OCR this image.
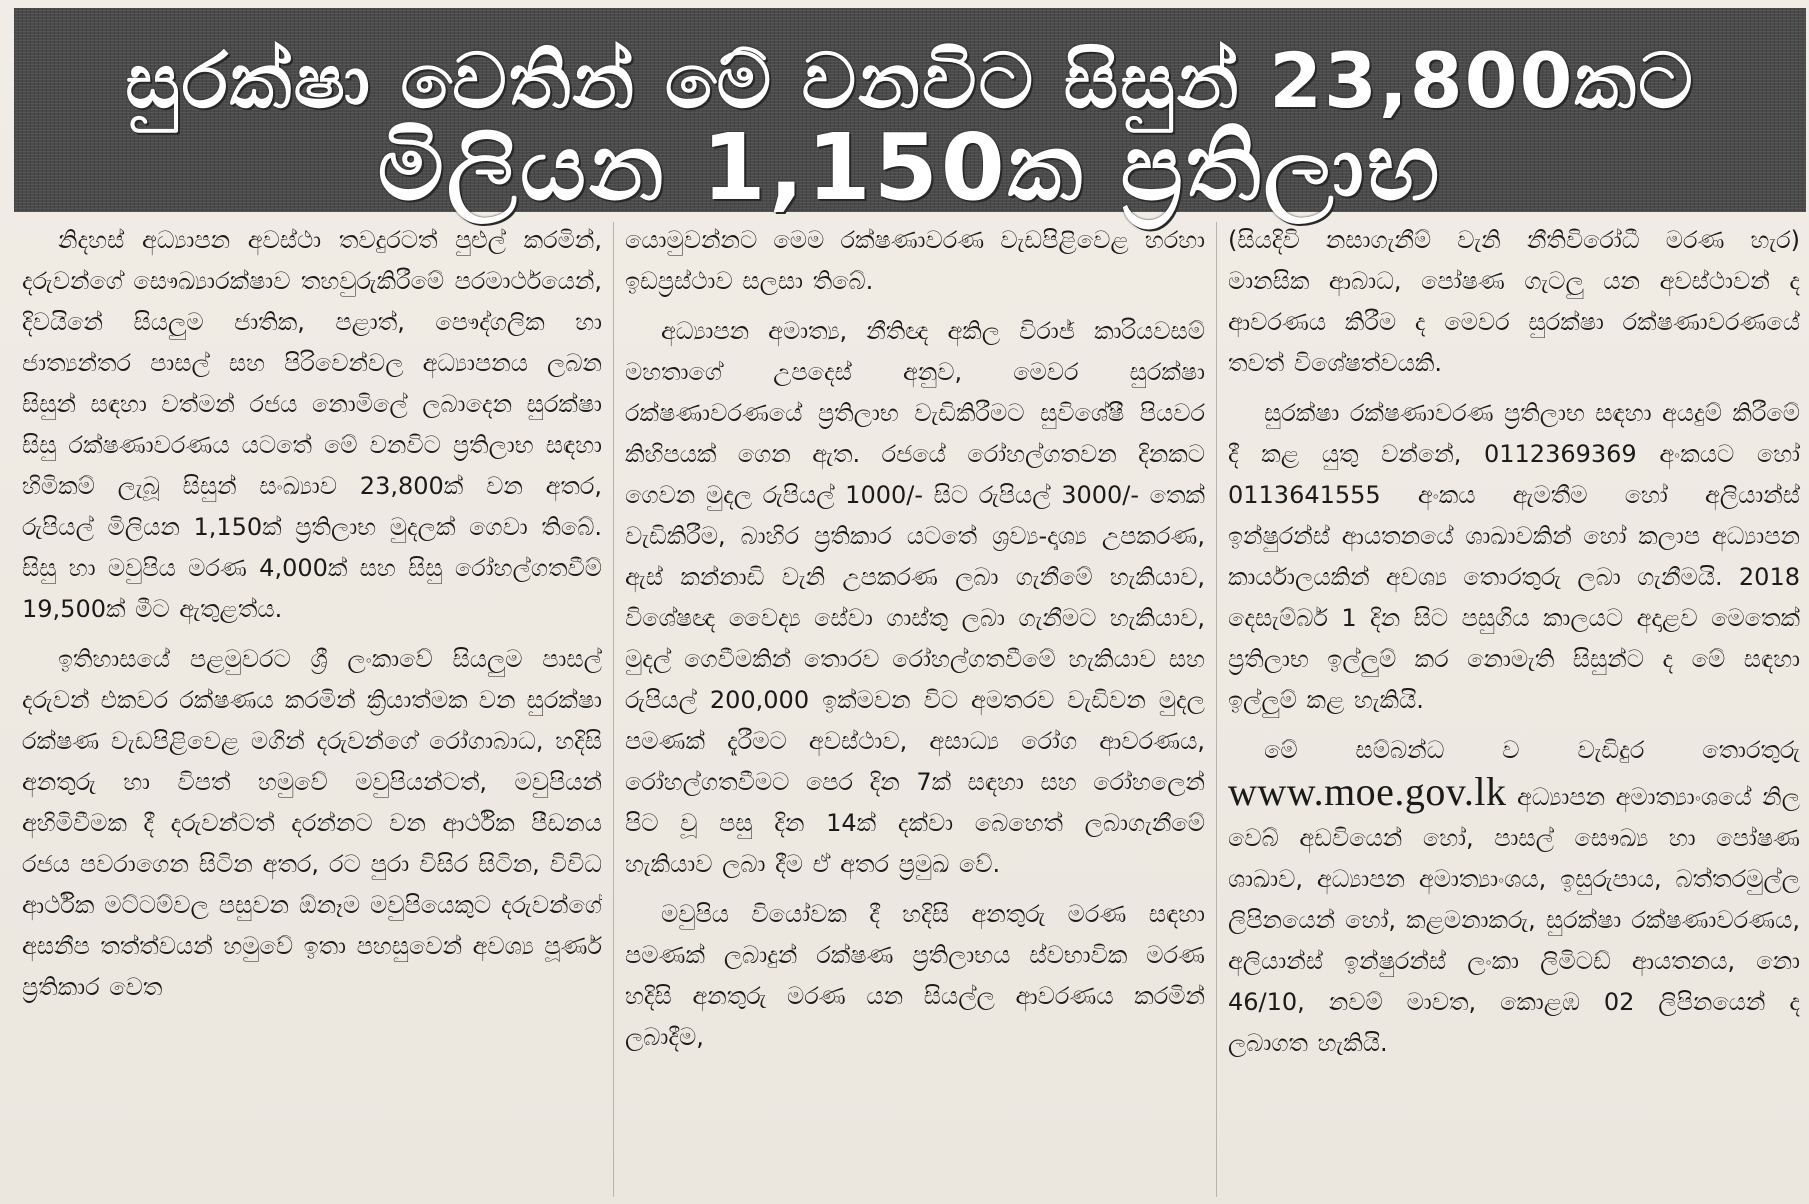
සුරක්ෂා වෙතින් මේ වනවිට සිසුන් 23,800කට
මිලියන 1,150ක ප්‍රතිලාභ

නිදහස් අධ්‍යාපන අවස්ථා තවදුරටත් පුළුල් කරමින්, දරුවන්ගේ සෞඛ්‍යාරක්ෂාව තහවුරුකිරීමේ පරමාර්ථයෙන්, දිවයිනේ සියලුම ජාතික, පළාත්, පෞද්ගලික හා ජාත්‍යන්තර පාසල් සහ පිරිවෙන්වල අධ්‍යාපනය ලබන සිසුන් සඳහා වත්මන් රජය නොමිලේ ලබාදෙන සුරක්ෂා සිසු රක්ෂණාවරණය යටතේ මේ වනවිට ප්‍රතිලාභ සඳහා හිමිකම් ලැබූ සිසුන් සංඛ්‍යාව 23,800ක් වන අතර, රුපියල් මිලියන 1,150ක් ප්‍රතිලාභ මුදලක් ගෙවා තිබේ. සිසු හා මවුපිය මරණ 4,000ක් සහ සිසු රෝහල්ගතවීම් 19,500ක් මීට ඇතුළත්ය.

ඉතිහාසයේ පළමුවරට ශ්‍රී ලංකාවේ සියලුම පාසල් දරුවන් එකවර රක්ෂණය කරමින් ක්‍රියාත්මක වන සුරක්ෂා රක්ෂණ වැඩපිළිවෙළ මගින් දරුවන්ගේ රෝගාබාධ, හදිසි අනතුරු හා විපත් හමුවේ මවුපියන්ටත්, මවුපියන් අහිමිවීමක දී දරුවන්ටත් දරන්නට වන ආර්ථික පීඩනය රජය පවරාගෙන සිටින අතර, රට පුරා විසිර සිටින, විවිධ ආර්ථික මට්ටම්වල පසුවන ඕනෑම මවුපියෙකුට දරුවන්ගේ අසනීප තත්ත්වයන් හමුවේ ඉතා පහසුවෙන් අවශ්‍ය පූර්ණ ප්‍රතිකාර වෙත

යොමුවන්නට මෙම රක්ෂණාවරණ වැඩපිළිවෙළ හරහා ඉඩප්‍රස්ථාව සලසා තිබේ.

අධ්‍යාපන අමාත්‍ය, නීතිඥ අකිල විරාජ් කාරියවසම් මහතාගේ උපදෙස් අනුව, මෙවර සුරක්ෂා රක්ෂණාවරණයේ ප්‍රතිලාභ වැඩිකිරීමට සුවිශේෂී පියවර කිහිපයක් ගෙන ඇත. රජයේ රෝහල්ගතවන දිනකට ගෙවන මුදල රුපියල් 1000/- සිට රුපියල් 3000/- තෙක් වැඩිකිරීම, බාහිර ප්‍රතිකාර යටතේ ශ්‍රව්‍ය-දෘශ්‍ය උපකරණ, ඇස් කන්නාඩි වැනි උපකරණ ලබා ගැනීමේ හැකියාව, විශේෂඥ වෛද්‍ය සේවා ගාස්තු ලබා ගැනීමට හැකියාව, මුදල් ගෙවීමකින් තොරව රෝහල්ගතවීමේ හැකියාව සහ රුපියල් 200,000 ඉක්මවන විට අමතරව වැඩිවන මුදල පමණක් දැරීමට අවස්ථාව, අසාධ්‍ය රෝග ආවරණය, රෝහල්ගතවීමට පෙර දින 7ක් සඳහා සහ රෝහලෙන් පිට වූ පසු දින 14ක් දක්වා බෙහෙත් ලබාගැනීමේ හැකියාව ලබා දීම ඒ අතර ප්‍රමුඛ වේ.

මවුපිය වියෝවක දී හදිසි අනතුරු මරණ සඳහා පමණක් ලබාදුන් රක්ෂණ ප්‍රතිලාභය ස්වභාවික මරණ හදිසි අනතුරු මරණ යන සියල්ල ආවරණය කරමින් ලබාදීම,

(සියදිවි නසාගැනීම් වැනි නීතිවිරෝධී මරණ හැර) මානසික ආබාධ, පෝෂණ ගැටලු යන අවස්ථාවන් ද ආවරණය කිරීම ද මෙවර සුරක්ෂා රක්ෂණාවරණයේ තවත් විශේෂත්වයකි.

සුරක්ෂා රක්ෂණාවරණ ප්‍රතිලාභ සඳහා අයදුම් කිරීමේ දී කළ යුතු වන්නේ, 0112369369 අංකයට හෝ 0113641555 අංකය ඇමතීම හෝ අලියාන්ස් ඉන්ෂුරන්ස් ආයතනයේ ශාඛාවකින් හෝ කලාප අධ්‍යාපන කාර්යාලයකින් අවශ්‍ය තොරතුරු ලබා ගැනීමයි. 2018 දෙසැම්බර් 1 දින සිට පසුගිය කාලයට අදාළව මෙතෙක් ප්‍රතිලාභ ඉල්ලුම් කර නොමැති සිසුන්ට ද මේ සඳහා ඉල්ලුම් කළ හැකියි.

මේ සම්බන්ධ ව වැඩිදුර තොරතුරු www.moe.gov.lk අධ්‍යාපන අමාත්‍යාංශයේ නිල වෙබ් අඩවියෙන් හෝ, පාසල් සෞඛ්‍ය හා පෝෂණ ශාඛාව, අධ්‍යාපන අමාත්‍යාංශය, ඉසුරුපාය, බත්තරමුල්ල ලිපිනයෙන් හෝ, කළමනාකරු, සුරක්ෂා රක්ෂණාවරණය, අලියාන්ස් ඉන්ෂුරන්ස් ලංකා ලිමිටඩ් ආයතනය, නො 46/10, නවම් මාවත, කොළඹ 02 ලිපිනයෙන් ද ලබාගත හැකියි.
